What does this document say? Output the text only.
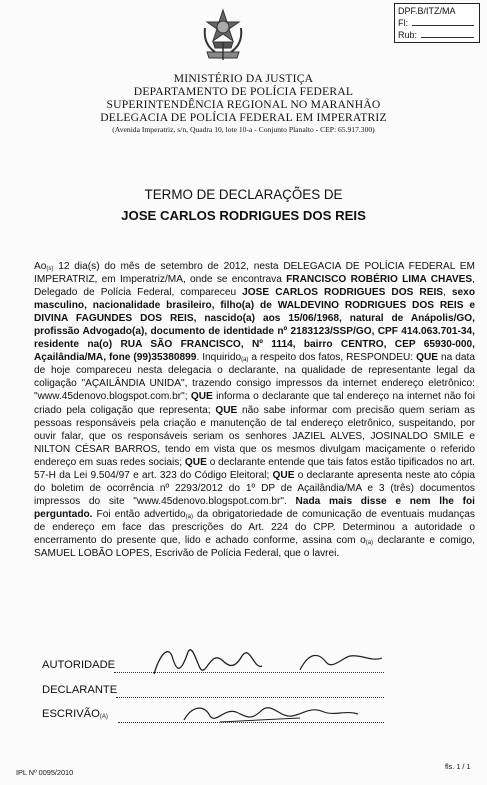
DPF.B/ITZ/MA
Fl:
Rub:
MINISTÉRIO DA JUSTIÇA
DEPARTAMENTO DE POLÍCIA FEDERAL
SUPERINTENDÊNCIA REGIONAL NO MARANHÃO
DELEGACIA DE POLÍCIA FEDERAL EM IMPERATRIZ
(Avenida Imperatriz, s/n, Quadra 10, lote 10-a - Conjunto Planalto - CEP: 65.917.300)
TERMO DE DECLARAÇÕES DE
JOSE CARLOS RODRIGUES DOS REIS
$Ao_{(s)}$ 12 dia(s) do mês de setembro de 2012, nesta DELEGACIA DE POLÍCIA FEDERAL EM IMPERATRIZ, em Imperatriz/MA, onde se encontrava FRANCISCO ROBÉRIO LIMA CHAVES, Delegado de Polícia Federal, compareceu JOSE CARLOS RODRIGUES DOS REIS, sexo masculino, nacionalidade brasileiro, filho(a) de WALDEVINO RODRIGUES DOS REIS e DIVINA FAGUNDES DOS REIS, nascido(a) aos 15/06/1968, natural de Anápolis/GO, profissão Advogado(a), documento de identidade nº 2183123/SSP/GO, CPF 414.063.701-34, residente na(o) RUA SÃO FRANCISCO, Nº 1114, bairro CENTRO, CEP 65930-000, Açailândia/MA, fone (99)35380899. Inquirido$_{(a)}$ a respeito dos fatos, RESPONDEU: QUE na data de hoje compareceu nesta delegacia o declarante, na qualidade de representante legal da coligação "AÇAILÂNDIA UNIDA", trazendo consigo impressos da internet endereço eletrônico: "www.45denovo.blogspot.com.br"; QUE informa o declarante que tal endereço na internet não foi criado pela coligação que representa; QUE não sabe informar com precisão quem seriam as pessoas responsáveis pela criação e manutenção de tal endereço eletrônico, suspeitando, por ouvir falar, que os responsáveis seriam os senhores JAZIEL ALVES, JOSINALDO SMILE e NILTON CÉSAR BARROS, tendo em vista que os mesmos divulgam maciçamente o referido endereço em suas redes sociais; QUE o declarante entende que tais fatos estão tipificados no art. 57-H da Lei 9.504/97 e art. 323 do Código Eleitoral; QUE o declarante apresenta neste ato cópia do boletim de ocorrência nº 2293/2012 do 1º DP de Açailândia/MA e 3 (três) documentos impressos do site "www.45denovo.blogspot.com.br". Nada mais disse e nem lhe foi perguntado. Foi então advertido$_{(a)}$ da obrigatoriedade de comunicação de eventuais mudanças de endereço em face das prescrições do Art. 224 do CPP. Determinou a autoridade o encerramento do presente que, lido e achado conforme, assina com $o_{(a)}$ declarante e comigo, SAMUEL LOBÃO LOPES, Escrivão de Polícia Federal, que o lavrei.
AUTORIDADE
DECLARANTE
$ESCRIVÃO_{(A)}$
IPL Nº 0095/2010
fls. 1 / 1
